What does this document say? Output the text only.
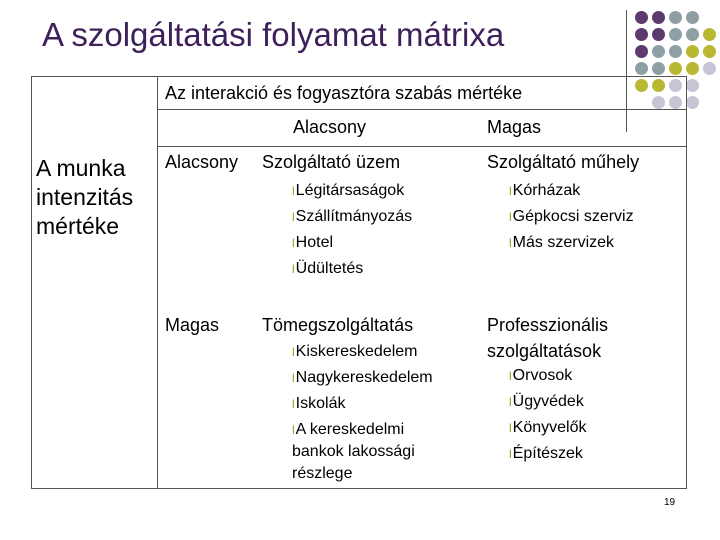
A szolgáltatási folyamat mátrixa
Az interakció és fogyasztóra szabás mértéke
Alacsony	Magas
A munka intenzitás mértéke
Alacsony
Magas
Szolgáltató üzem
lLégitársaságok
lSzállítmányozás
lHotel
lÜdültetés
Szolgáltató műhely
lKórházak
lGépkocsi szerviz
lMás szervizek
Tömegszolgáltatás
lKiskereskedelem
lNagykereskedelem
lIskolák
lA kereskedelmi
bankok lakossági
részlege
Professzionális
szolgáltatások
lOrvosok
lÜgyvédek
lKönyvelők
lÉpítészek
19
